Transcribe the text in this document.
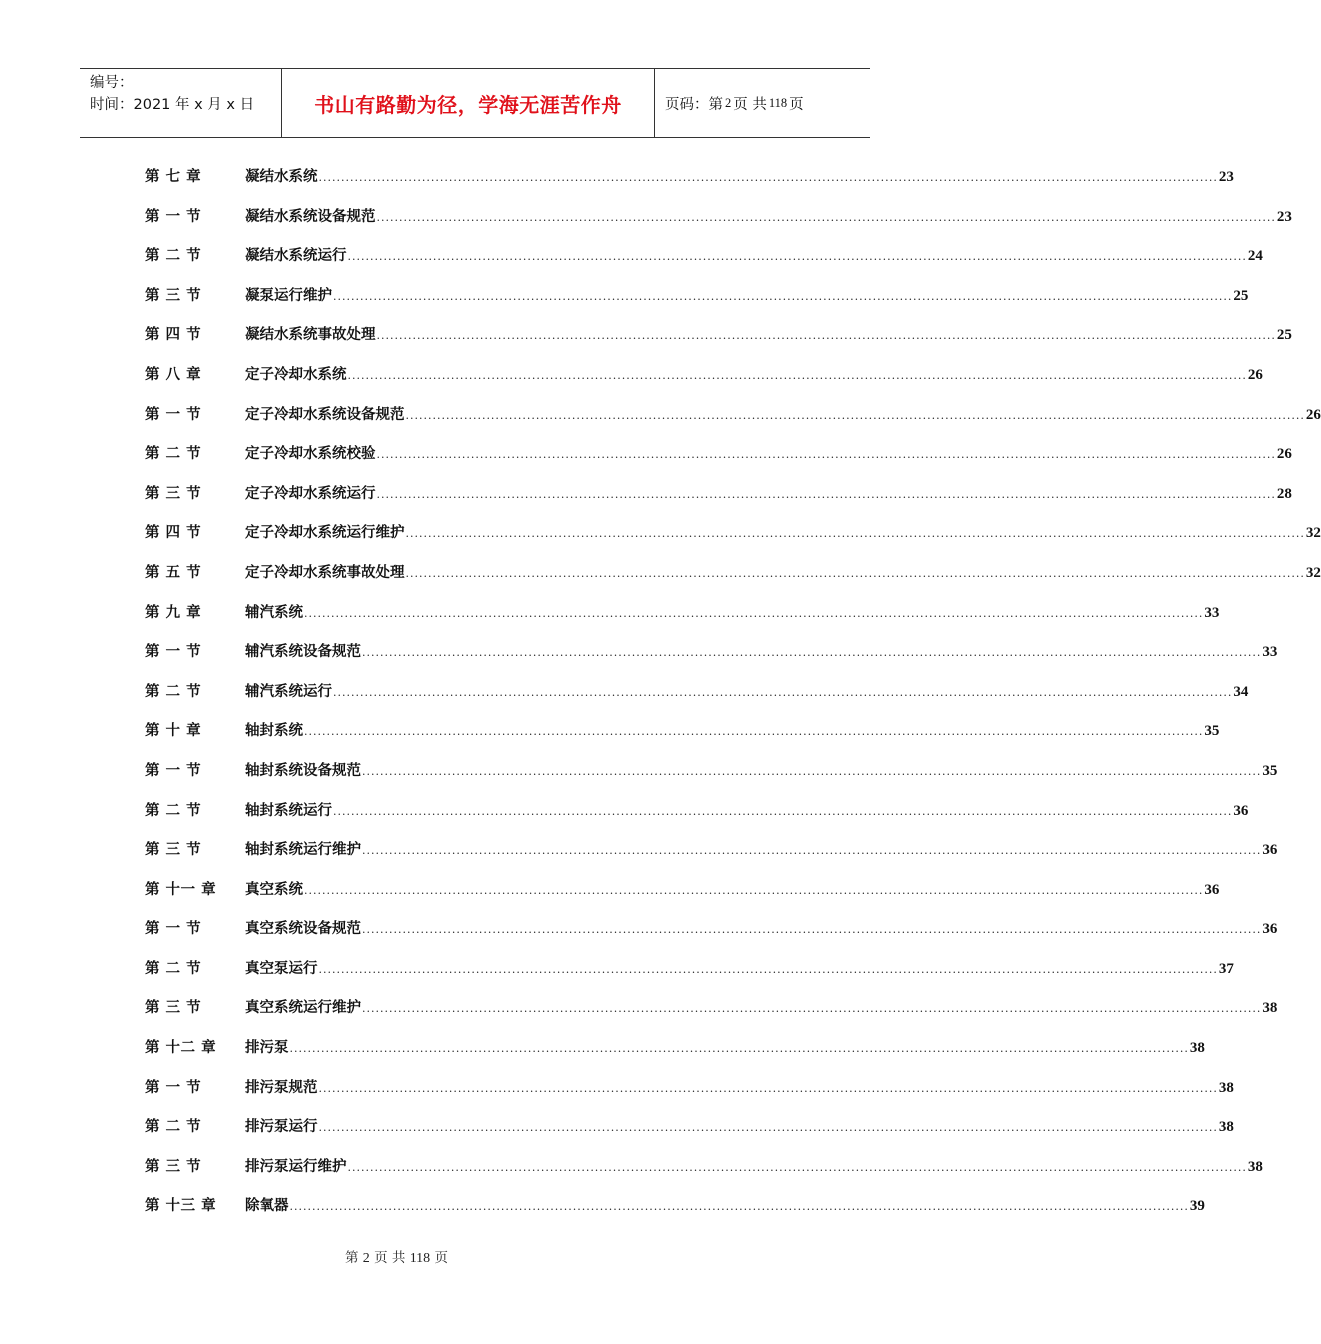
编号：
时间：2021 年 x 月 x 日	书山有路勤为径，学海无涯苦作舟	页码：第 2 页 共 118 页
第 七 章	凝结水系统 ........................................................................................................................................................................................................ 23
第 一 节	凝结水系统设备规范 ........................................................................................................................................................................................................ 23
第 二 节	凝结水系统运行 ........................................................................................................................................................................................................ 24
第 三 节	凝泵运行维护 ........................................................................................................................................................................................................ 25
第 四 节	凝结水系统事故处理 ........................................................................................................................................................................................................ 25
第 八 章	定子冷却水系统 ........................................................................................................................................................................................................ 26
第 一 节	定子冷却水系统设备规范 ........................................................................................................................................................................................................ 26
第 二 节	定子冷却水系统校验 ........................................................................................................................................................................................................ 26
第 三 节	定子冷却水系统运行 ........................................................................................................................................................................................................ 28
第 四 节	定子冷却水系统运行维护 ........................................................................................................................................................................................................ 32
第 五 节	定子冷却水系统事故处理 ........................................................................................................................................................................................................ 32
第 九 章	辅汽系统 ........................................................................................................................................................................................................ 33
第 一 节	辅汽系统设备规范 ........................................................................................................................................................................................................ 33
第 二 节	辅汽系统运行 ........................................................................................................................................................................................................ 34
第 十 章	轴封系统 ........................................................................................................................................................................................................ 35
第 一 节	轴封系统设备规范 ........................................................................................................................................................................................................ 35
第 二 节	轴封系统运行 ........................................................................................................................................................................................................ 36
第 三 节	轴封系统运行维护 ........................................................................................................................................................................................................ 36
第 十一 章	真空系统 ........................................................................................................................................................................................................ 36
第 一 节	真空系统设备规范 ........................................................................................................................................................................................................ 36
第 二 节	真空泵运行 ........................................................................................................................................................................................................ 37
第 三 节	真空系统运行维护 ........................................................................................................................................................................................................ 38
第 十二 章	排污泵 ........................................................................................................................................................................................................ 38
第 一 节	排污泵规范 ........................................................................................................................................................................................................ 38
第 二 节	排污泵运行 ........................................................................................................................................................................................................ 38
第 三 节	排污泵运行维护 ........................................................................................................................................................................................................ 38
第 十三 章	除氧器 ........................................................................................................................................................................................................ 39
第 2 页 共 118 页
